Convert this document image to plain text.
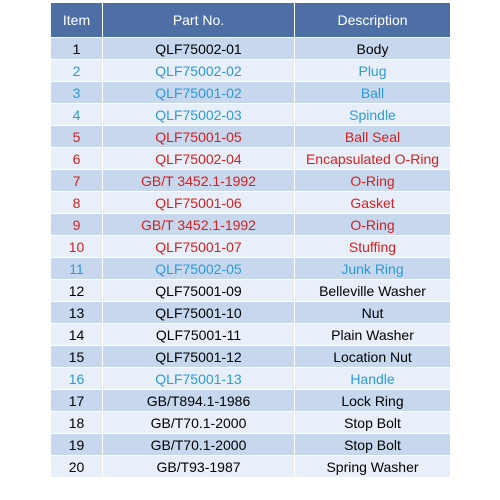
Item	Part No.	Description
1	QLF75002-01	Body
2	QLF75002-02	Plug
3	QLF75001-02	Ball
4	QLF75002-03	Spindle
5	QLF75001-05	Ball Seal
6	QLF75002-04	Encapsulated O-Ring
7	GB/T 3452.1-1992	O-Ring
8	QLF75001-06	Gasket
9	GB/T 3452.1-1992	O-Ring
10	QLF75001-07	Stuffing
11	QLF75002-05	Junk Ring
12	QLF75001-09	Belleville Washer
13	QLF75001-10	Nut
14	QLF75001-11	Plain Washer
15	QLF75001-12	Location Nut
16	QLF75001-13	Handle
17	GB/T894.1-1986	Lock Ring
18	GB/T70.1-2000	Stop Bolt
19	GB/T70.1-2000	Stop Bolt
20	GB/T93-1987	Spring Washer
